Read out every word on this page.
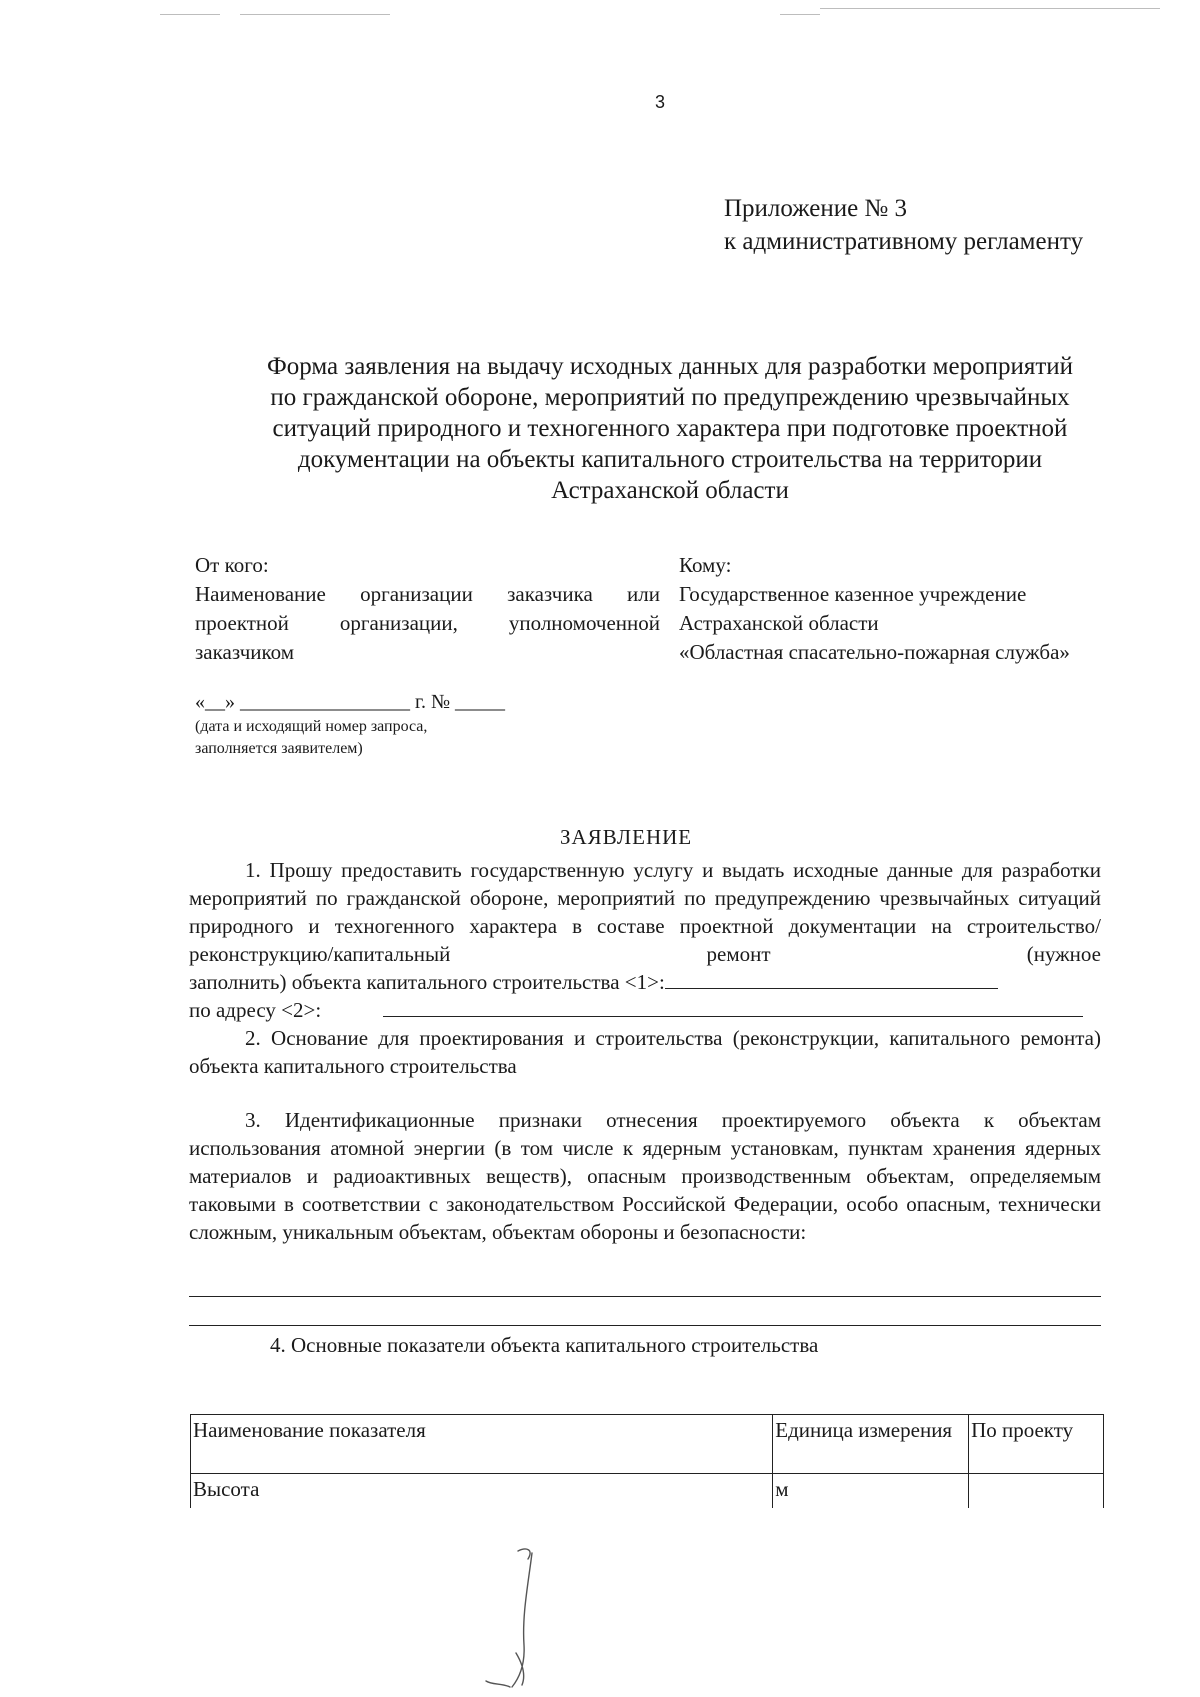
3
Приложение № 3
к административному регламенту
Форма заявления на выдачу исходных данных для разработки мероприятий
по гражданской обороне, мероприятий по предупреждению чрезвычайных
ситуаций природного и техногенного характера при подготовке проектной
документации на объекты капитального строительства на территории
Астраханской области
От кого:
Наименование организации заказчика или
проектной организации, уполномоченной
заказчиком
Кому:
Государственное казенное учреждение
Астраханской области
«Областная спасательно-пожарная служба»
«__» _________________ г. № _____
(дата и исходящий номер запроса,
заполняется заявителем)
ЗАЯВЛЕНИЕ
1. Прошу предоставить государственную услугу и выдать исходные данные для разработки мероприятий по гражданской обороне, мероприятий по предупреждению чрезвычайных ситуаций природного и техногенного характера в составе проектной документации на строительство/реконструкцию/капитальный ремонт (нужное
заполнить) объекта капитального строительства <1>:
по адресу <2>:
2. Основание для проектирования и строительства (реконструкции, капитального ремонта) объекта капитального строительства
3. Идентификационные признаки отнесения проектируемого объекта к объектам использования атомной энергии (в том числе к ядерным установкам, пунктам хранения ядерных материалов и радиоактивных веществ), опасным производственным объектам, определяемым таковыми в соответствии с законодательством Российской Федерации, особо опасным, технически сложным, уникальным объектам, объектам обороны и безопасности:
4. Основные показатели объекта капитального строительства
Наименование показателя	Единица измерения	По проекту
Высота	м	
